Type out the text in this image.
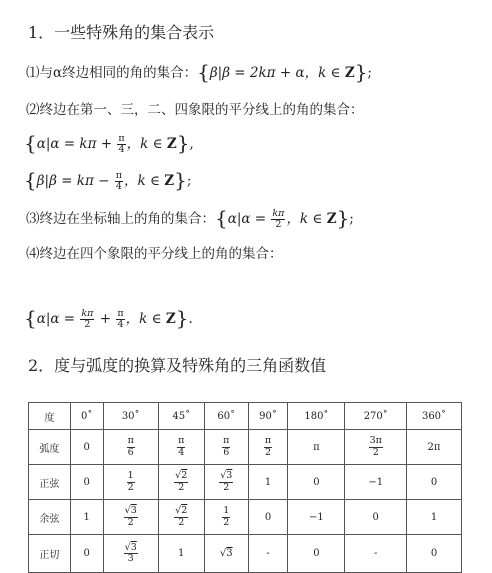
1．一些特殊角的集合表示
⑴与α终边相同的角的集合：{β|β = 2kπ + α，k ∈ Z};
⑵终边在第一、三，二、四象限的平分线上的角的集合：
{$\alpha|\alpha = k\pi + \frac{\pi}{4}$ ，k ∈ Z},
{$\beta|\beta = k\pi - \frac{\pi}{4}$ ，k ∈ Z};
⑶终边在坐标轴上的角的集合：{$\alpha|\alpha = \frac{k\pi}{2}$ ，k ∈ Z};
⑷终边在四个象限的平分线上的角的集合：
{$\alpha|\alpha = \frac{k\pi}{2} + \frac{\pi}{4}$ ，k ∈ Z}.
2．度与弧度的换算及特殊角的三角函数值
度	0˚	30˚	45˚	60˚	90˚	180˚	270˚	360˚
弧度	0	$\frac{\pi}{6}$	$\frac{\pi}{4}$	$\frac{\pi}{6}$	$\frac{\pi}{2}$	π	$\frac{3\pi}{2}$	2π
正弦	0	$\frac{1}{2}$	$\frac{√2}{2}$	$\frac{√3}{2}$	1	0	−1	0
余弦	1	$\frac{√3}{2}$	$\frac{√2}{2}$	$\frac{1}{2}$	0	−1	0	1
正切	0	$\frac{√3}{3}$	1	√3	-	0	-	0
